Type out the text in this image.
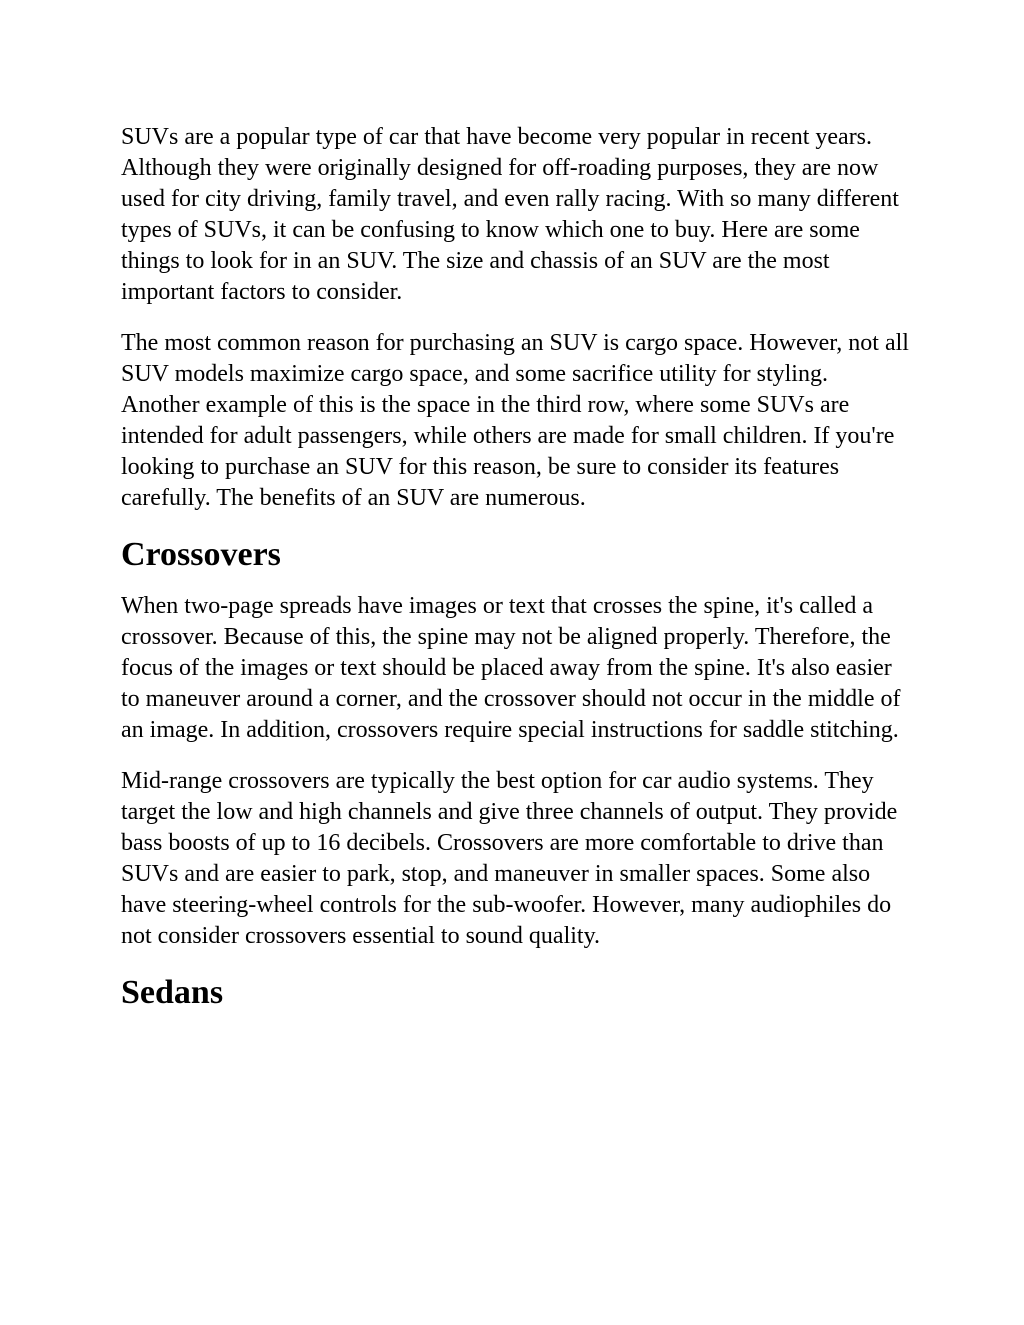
SUVs are a popular type of car that have become very popular in recent years. Although they were originally designed for off-roading purposes, they are now used for city driving, family travel, and even rally racing. With so many different types of SUVs, it can be confusing to know which one to buy. Here are some things to look for in an SUV. The size and chassis of an SUV are the most important factors to consider.

The most common reason for purchasing an SUV is cargo space. However, not all SUV models maximize cargo space, and some sacrifice utility for styling. Another example of this is the space in the third row, where some SUVs are intended for adult passengers, while others are made for small children. If you're looking to purchase an SUV for this reason, be sure to consider its features carefully. The benefits of an SUV are numerous.

Crossovers

When two-page spreads have images or text that crosses the spine, it's called a crossover. Because of this, the spine may not be aligned properly. Therefore, the focus of the images or text should be placed away from the spine. It's also easier to maneuver around a corner, and the crossover should not occur in the middle of an image. In addition, crossovers require special instructions for saddle stitching.

Mid-range crossovers are typically the best option for car audio systems. They target the low and high channels and give three channels of output. They provide bass boosts of up to 16 decibels. Crossovers are more comfortable to drive than SUVs and are easier to park, stop, and maneuver in smaller spaces. Some also have steering-wheel controls for the sub-woofer. However, many audiophiles do not consider crossovers essential to sound quality.

Sedans
